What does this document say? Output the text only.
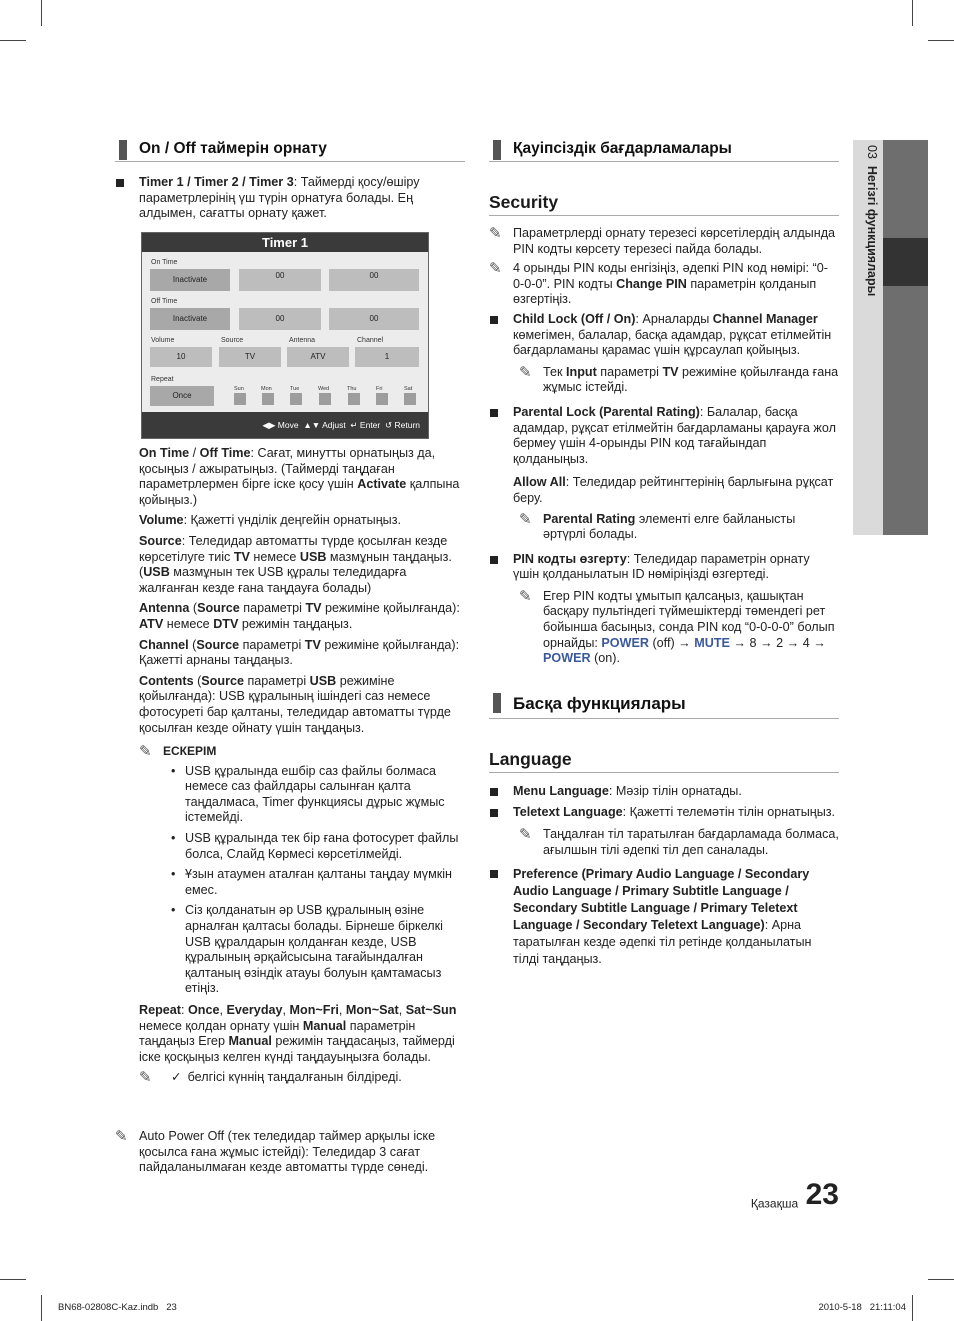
03  Негізгі функциялары
On / Off таймерін орнату
Timer 1 / Timer 2 / Timer 3: Таймерді қосу/өшіру параметрлерінің үш түрін орнатуға болады. Ең алдымен, сағатты орнату қажет.
Timer 1
On Time
Inactivate	00	00
Off Time
Inactivate	00	00
Volume	Source	Antenna	Channel
10	TV	ATV	1
Repeat
Once
Sun	Mon	Tue	Wed	Thu	Fri	Sat
◀▶ Move ▲▼ Adjust ↵ Enter ↺ Return
On Time / Off Time: Сағат, минутты орнатыңыз да, қосыңыз / ажыратыңыз. (Таймерді таңдаған параметрлермен бірге іске қосу үшін Activate қалпына қойыңыз.)
Volume: Қажетті үнділік деңгейін орнатыңыз.
Source: Теледидар автоматты түрде қосылған кезде көрсетілуге тиіс TV немесе USB мазмұнын таңдаңыз. (USB мазмұнын тек USB құралы теледидарға жалғанған кезде ғана таңдауға болады)
Antenna (Source параметрі TV режиміне қойылғанда): ATV немесе DTV режимін таңдаңыз.
Channel (Source параметрі TV режиміне қойылғанда): Қажетті арнаны таңдаңыз.
Contents (Source параметрі USB режиміне қойылғанда): USB құралының ішіндегі саз немесе фотосуреті бар қалтаны, теледидар автоматты түрде қосылған кезде ойнату үшін таңдаңыз.
✎ ЕСКЕРІМ
• USB құралында ешбір саз файлы болмаса немесе саз файлдары салынған қалта таңдалмаса, Timer функциясы дұрыс жұмыс істемейді.
• USB құралында тек бір ғана фотосурет файлы болса, Слайд Көрмесі көрсетілмейді.
• Ұзын атаумен аталған қалтаны таңдау мүмкін емес.
• Сіз қолданатын әр USB құралының өзіне арналған қалтасы болады. Бірнеше біркелкі USB құралдарын қолданған кезде, USB құралының әрқайсысына тағайындалған қалтаның өзіндік атауы болуын қамтамасыз етіңіз.
Repeat: Once, Everyday, Mon~Fri, Mon~Sat, Sat~Sun немесе қолдан орнату үшін Manual параметрін таңдаңыз Егер Manual режимін таңдасаңыз, таймерді іске қосқыңыз келген күнді таңдауыңызға болады.
✎ ✓ белгісі күннің таңдалғанын білдіреді.
✎ Auto Power Off (тек теледидар таймер арқылы іске қосылса ғана жұмыс істейді): Теледидар 3 сағат пайдаланылмаған кезде автоматты түрде сөнеді.
Қауіпсіздік бағдарламалары
Security
✎ Параметрлерді орнату терезесі көрсетілердің алдында PIN кодты көрсету терезесі пайда болады.
✎ 4 орынды PIN коды енгізіңіз, әдепкі PIN код нөмірі: “0-0-0-0”. PIN кодты Change PIN параметрін қолданып өзгертіңіз.
Child Lock (Off / On): Арналарды Channel Manager көмегімен, балалар, басқа адамдар, рұқсат етілмейтін бағдарламаны қарамас үшін құрсаулап қойыңыз.
✎ Тек Input параметрі TV режиміне қойылғанда ғана жұмыс істейді.
Parental Lock (Parental Rating): Балалар, басқа адамдар, рұқсат етілмейтін бағдарламаны қарауға жол бермеу үшін 4-орынды PIN код тағайындап қолданыңыз.
Allow All: Теледидар рейтингтерінің барлығына рұқсат беру.
✎ Parental Rating элементі елге байланысты әртүрлі болады.
PIN кодты өзгерту: Теледидар параметрін орнату үшін қолданылатын ID нөміріңізді өзгертеді.
✎ Егер PIN кодты ұмытып қалсаңыз, қашықтан басқару пультіндегі түймешіктерді төмендегі рет бойынша басыңыз, сонда PIN код “0-0-0-0” болып орнайды: POWER (off) → MUTE → 8 → 2 → 4 → POWER (on).
Басқа функциялары
Language
Menu Language: Мәзір тілін орнатады.
Teletext Language: Қажетті телемәтін тілін орнатыңыз.
✎ Таңдалған тіл таратылған бағдарламада болмаса, ағылшын тілі әдепкі тіл деп саналады.
Preference (Primary Audio Language / Secondary Audio Language / Primary Subtitle Language / Secondary Subtitle Language / Primary Teletext Language / Secondary Teletext Language): Арна таратылған кезде әдепкі тіл ретінде қолданылатын тілді таңдаңыз.
Қазақша 23
BN68-02808C-Kaz.indb   23	2010-5-18   21:11:04
